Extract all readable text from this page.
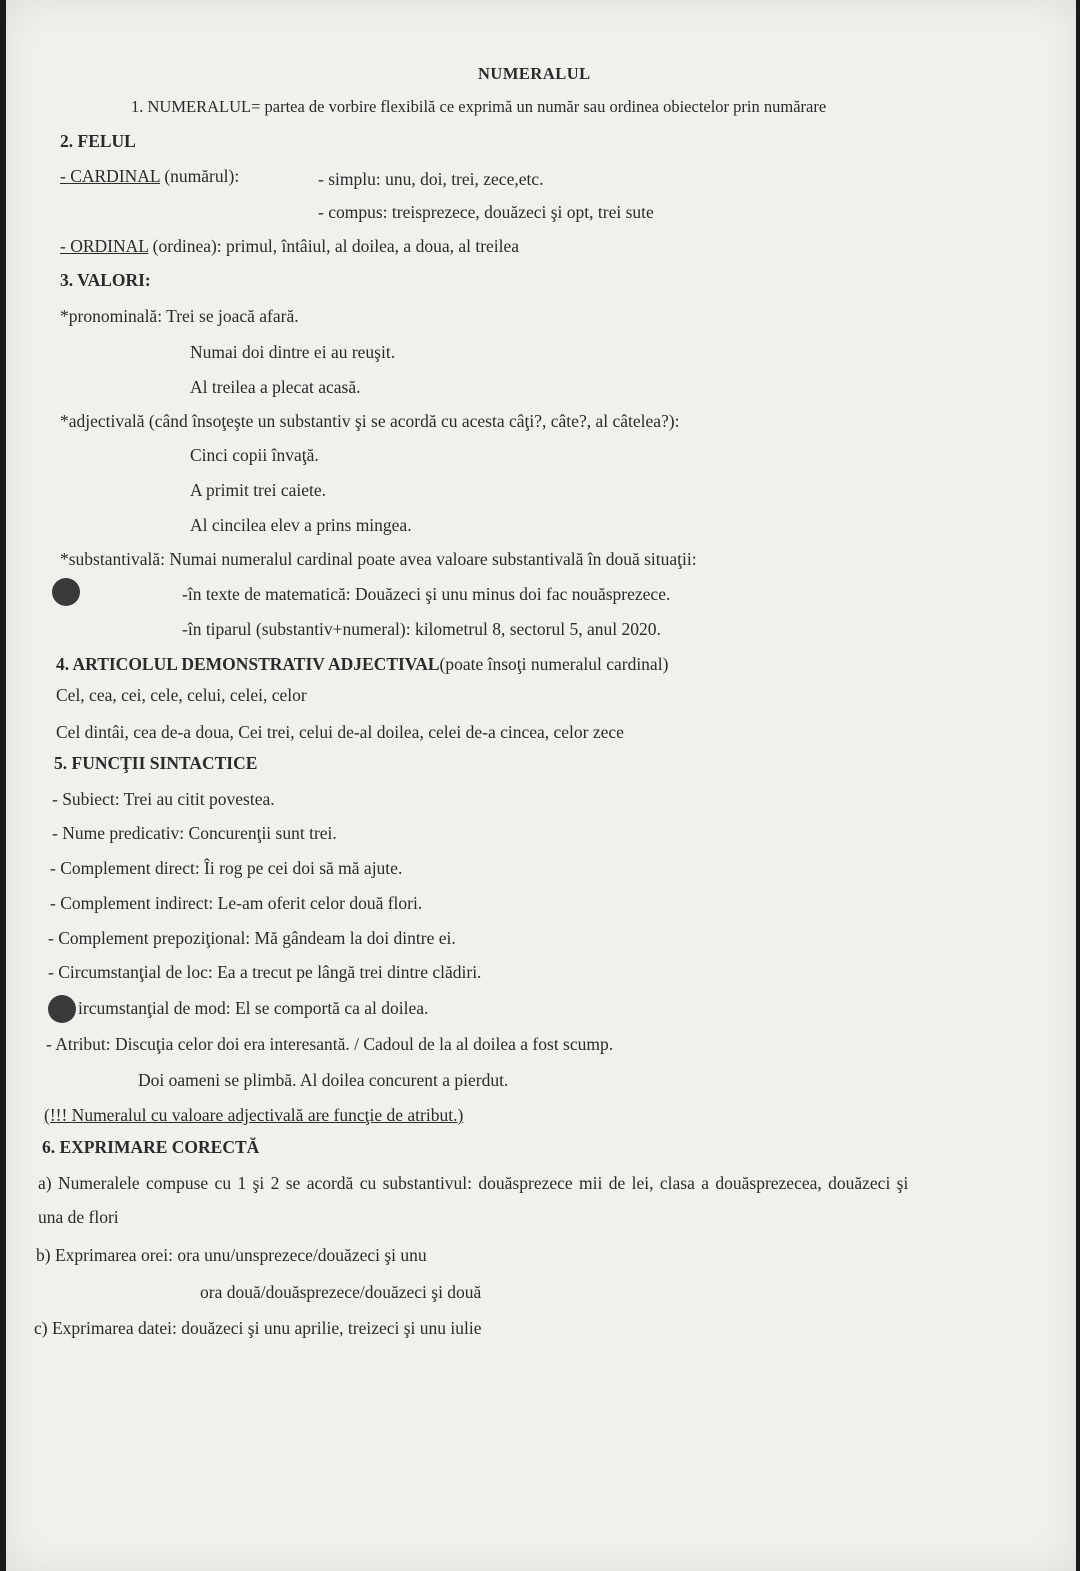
NUMERALUL
1. NUMERALUL= partea de vorbire flexibilă ce exprimă un număr sau ordinea obiectelor prin numărare
2. FELUL
- CARDINAL (numărul):	- simplu: unu, doi, trei, zece,etc.
- compus: treisprezece, douăzeci şi opt, trei sute
- ORDINAL (ordinea): primul, întâiul, al doilea, a doua, al treilea
3. VALORI:
*pronominală: Trei se joacă afară.
Numai doi dintre ei au reuşit.
Al treilea a plecat acasă.
*adjectivală (când însoţeşte un substantiv şi se acordă cu acesta câţi?, câte?, al câtelea?):
Cinci copii învaţă.
A primit trei caiete.
Al cincilea elev a prins mingea.
*substantivală: Numai numeralul cardinal poate avea valoare substantivală în două situaţii:
-în texte de matematică: Douăzeci şi unu minus doi fac nouăsprezece.
-în tiparul (substantiv+numeral): kilometrul 8, sectorul 5, anul 2020.
4. ARTICOLUL DEMONSTRATIV ADJECTIVAL(poate însoţi numeralul cardinal)
Cel, cea, cei, cele, celui, celei, celor
Cel dintâi, cea de-a doua, Cei trei, celui de-al doilea, celei de-a cincea, celor zece
5. FUNCŢII SINTACTICE
- Subiect: Trei au citit povestea.
- Nume predicativ: Concurenţii sunt trei.
- Complement direct: Îi rog pe cei doi să mă ajute.
- Complement indirect: Le-am oferit celor două flori.
- Complement prepoziţional: Mă gândeam la doi dintre ei.
- Circumstanţial de loc: Ea a trecut pe lângă trei dintre clădiri.
ircumstanţial de mod: El se comportă ca al doilea.
- Atribut: Discuţia celor doi era interesantă. / Cadoul de la al doilea a fost scump.
Doi oameni se plimbă. Al doilea concurent a pierdut.
(!!! Numeralul cu valoare adjectivală are funcţie de atribut.)
6. EXPRIMARE CORECTĂ
a) Numeralele compuse cu 1 şi 2 se acordă cu substantivul: douăsprezece mii de lei, clasa a douăsprezecea, douăzeci şi
una de flori
b) Exprimarea orei: ora unu/unsprezece/douăzeci şi unu
ora două/douăsprezece/douăzeci şi două
c) Exprimarea datei: douăzeci şi unu aprilie, treizeci şi unu iulie
